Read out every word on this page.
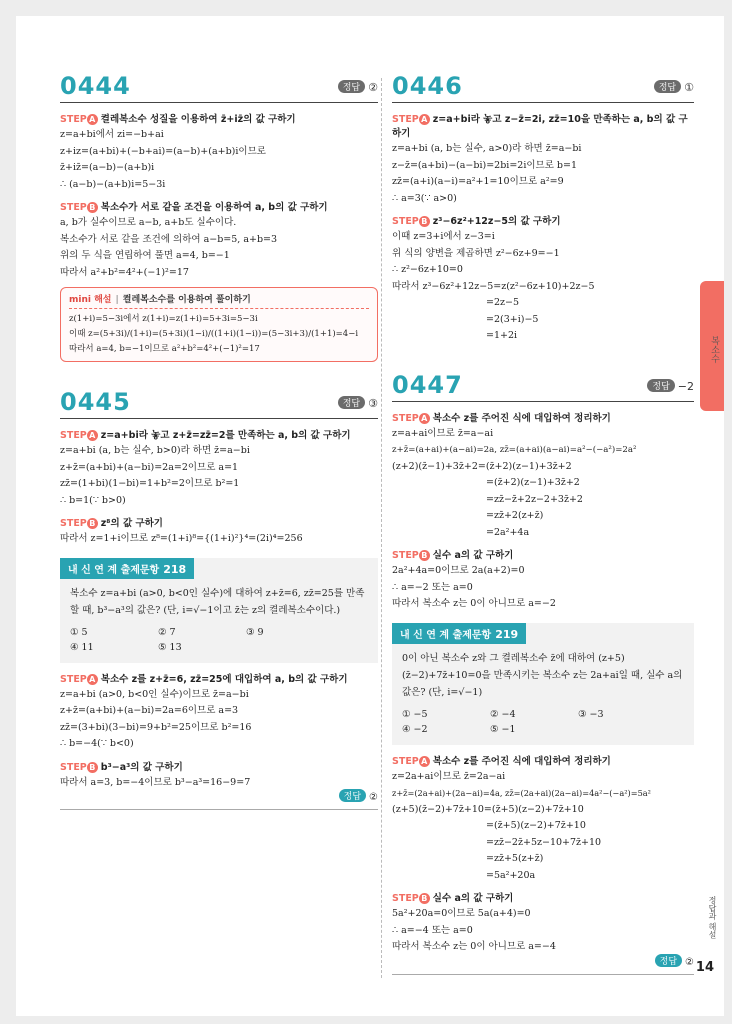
0444	정답 ②
STEP A 켤레복소수 성질을 이용하여 z̄+iz̄의 값 구하기
z=a+bi에서 zi=−b+ai
z+iz=(a+bi)+(−b+ai)=(a−b)+(a+b)i이므로
z̄+iz̄=(a−b)−(a+b)i
∴ (a−b)−(a+b)i=5−3i
STEP B 복소수가 서로 같을 조건을 이용하여 a, b의 값 구하기
a, b가 실수이므로 a−b, a+b도 실수이다.
복소수가 서로 같을 조건에 의하여 a−b=5, a+b=3
위의 두 식을 연립하여 풀면 a=4, b=−1
따라서 a²+b²=4²+(−1)²=17
mini 해설 | 켤레복소수를 이용하여 풀이하기
z(1+i)=5−3i에서 z(1+i)=z(1+i)=5+3i=5−3i
이때 z=(5+3i)/(1+i)=(5+3i)(1−i)/((1+i)(1−i))=(5−3i+3)/(1+1)=4−i
따라서 a=4, b=−1이므로 a²+b²=4²+(−1)²=17
0445	정답 ③
STEP A z=a+bi라 놓고 z+z̄=zz̄=2를 만족하는 a, b의 값 구하기
z=a+bi (a, b는 실수, b>0)라 하면 z̄=a−bi
z+z̄=(a+bi)+(a−bi)=2a=2이므로 a=1
zz̄=(1+bi)(1−bi)=1+b²=2이므로 b²=1
∴ b=1(∵ b>0)
STEP B z⁸의 값 구하기
따라서 z=1+i이므로 z⁸=(1+i)⁸={(1+i)²}⁴=(2i)⁴=256
내 신 연 계 출제문항 218
복소수 z=a+bi (a>0, b<0인 실수)에 대하여 z+z̄=6, zz̄=25를 만족할 때, b³−a³의 값은? (단, i=√−1이고 z̄는 z의 켤레복소수이다.)
① 5	② 7	③ 9
④ 11	⑤ 13
STEP A 복소수 z를 z+z̄=6, zz̄=25에 대입하여 a, b의 값 구하기
z=a+bi (a>0, b<0인 실수)이므로 z̄=a−bi
z+z̄=(a+bi)+(a−bi)=2a=6이므로 a=3
zz̄=(3+bi)(3−bi)=9+b²=25이므로 b²=16
∴ b=−4(∵ b<0)
STEP B b³−a³의 값 구하기
따라서 a=3, b=−4이므로 b³−a³=16−9=7
정답 ②
0446	정답 ①
STEP A z=a+bi라 놓고 z−z̄=2i, zz̄=10을 만족하는 a, b의 값 구하기
z=a+bi (a, b는 실수, a>0)라 하면 z̄=a−bi
z−z̄=(a+bi)−(a−bi)=2bi=2i이므로 b=1
zz̄=(a+i)(a−i)=a²+1=10이므로 a²=9
∴ a=3(∵ a>0)
STEP B z³−6z²+12z−5의 값 구하기
이때 z=3+i에서 z−3=i
위 식의 양변을 제곱하면 z²−6z+9=−1
∴ z²−6z+10=0
따라서 z³−6z²+12z−5=z(z²−6z+10)+2z−5
=2z−5
=2(3+i)−5
=1+2i
0447	정답 −2
STEP A 복소수 z를 주어진 식에 대입하여 정리하기
z=a+ai이므로 z̄=a−ai
z+z̄=(a+ai)+(a−ai)=2a, zz̄=(a+ai)(a−ai)=a²−(−a²)=2a²
(z+2)(z̄−1)+3z̄+2=(z̄+2)(z−1)+3z̄+2
=(z̄+2)(z−1)+3z̄+2
=zz̄−z̄+2z−2+3z̄+2
=zz̄+2(z+z̄)
=2a²+4a
STEP B 실수 a의 값 구하기
2a²+4a=0이므로 2a(a+2)=0
∴ a=−2 또는 a=0
따라서 복소수 z는 0이 아니므로 a=−2
내 신 연 계 출제문항 219
0이 아닌 복소수 z와 그 켤레복소수 z̄에 대하여 (z+5)(z̄−2)+7z̄+10=0을 만족시키는 복소수 z는 2a+ai일 때, 실수 a의 값은? (단, i=√−1)
① −5	② −4	③ −3
④ −2	⑤ −1
STEP A 복소수 z를 주어진 식에 대입하여 정리하기
z=2a+ai이므로 z̄=2a−ai
z+z̄=(2a+ai)+(2a−ai)=4a, zz̄=(2a+ai)(2a−ai)=4a²−(−a²)=5a²
(z+5)(z̄−2)+7z̄+10=(z̄+5)(z−2)+7z̄+10
=(z̄+5)(z−2)+7z̄+10
=zz̄−2z̄+5z−10+7z̄+10
=zz̄+5(z+z̄)
=5a²+20a
STEP B 실수 a의 값 구하기
5a²+20a=0이므로 5a(a+4)=0
∴ a=−4 또는 a=0
따라서 복소수 z는 0이 아니므로 a=−4
정답 ②
복소수
정답과 해설
14
